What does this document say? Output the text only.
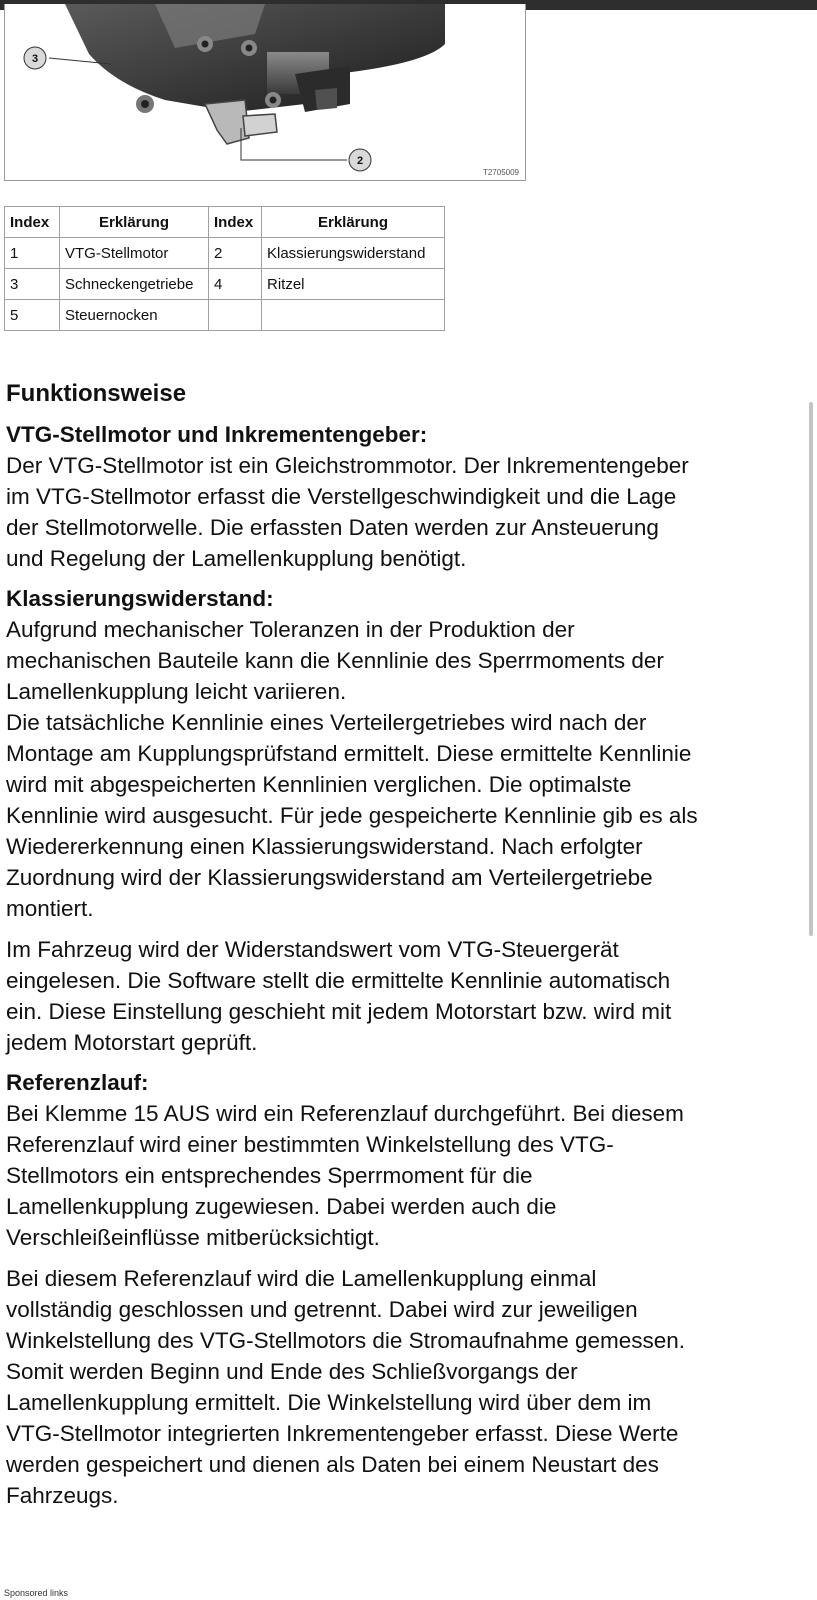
3
2
T2705009
Index	Erklärung	Index	Erklärung
1	VTG-Stellmotor	2	Klassierungswiderstand
3	Schneckengetriebe	4	Ritzel
5	Steuernocken		
Funktionsweise
VTG-Stellmotor und Inkrementengeber:

Der VTG-Stellmotor ist ein Gleichstrommotor. Der Inkrementengeber

im VTG-Stellmotor erfasst die Verstellgeschwindigkeit und die Lage

der Stellmotorwelle. Die erfassten Daten werden zur Ansteuerung

und Regelung der Lamellenkupplung benötigt.

Klassierungswiderstand:

Aufgrund mechanischer Toleranzen in der Produktion der

mechanischen Bauteile kann die Kennlinie des Sperrmoments der

Lamellenkupplung leicht variieren.

Die tatsächliche Kennlinie eines Verteilergetriebes wird nach der

Montage am Kupplungsprüfstand ermittelt. Diese ermittelte Kennlinie

wird mit abgespeicherten Kennlinien verglichen. Die optimalste

Kennlinie wird ausgesucht. Für jede gespeicherte Kennlinie gib es als

Wiedererkennung einen Klassierungswiderstand. Nach erfolgter

Zuordnung wird der Klassierungswiderstand am Verteilergetriebe

montiert.

Im Fahrzeug wird der Widerstandswert vom VTG-Steuergerät

eingelesen. Die Software stellt die ermittelte Kennlinie automatisch

ein. Diese Einstellung geschieht mit jedem Motorstart bzw. wird mit

jedem Motorstart geprüft.

Referenzlauf:

Bei Klemme 15 AUS wird ein Referenzlauf durchgeführt. Bei diesem

Referenzlauf wird einer bestimmten Winkelstellung des VTG-

Stellmotors ein entsprechendes Sperrmoment für die

Lamellenkupplung zugewiesen. Dabei werden auch die

Verschleißeinflüsse mitberücksichtigt.

Bei diesem Referenzlauf wird die Lamellenkupplung einmal

vollständig geschlossen und getrennt. Dabei wird zur jeweiligen

Winkelstellung des VTG-Stellmotors die Stromaufnahme gemessen.

Somit werden Beginn und Ende des Schließvorgangs der

Lamellenkupplung ermittelt. Die Winkelstellung wird über dem im

VTG-Stellmotor integrierten Inkrementengeber erfasst. Diese Werte

werden gespeichert und dienen als Daten bei einem Neustart des

Fahrzeugs.

Sponsored links
